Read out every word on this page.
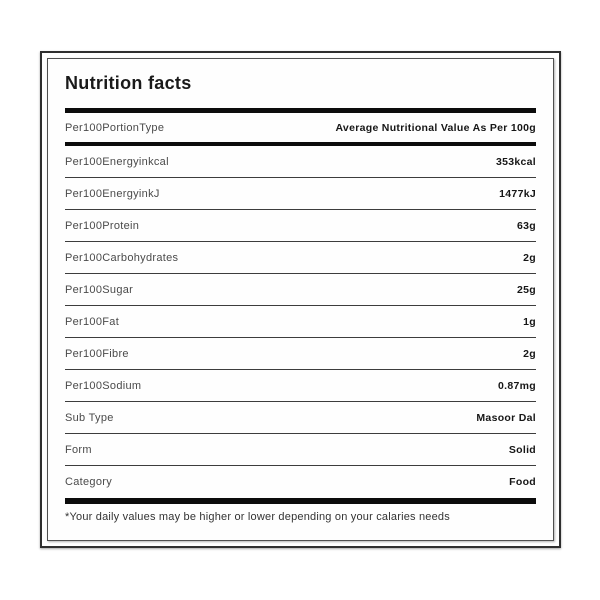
Nutrition facts
Per100PortionType	Average Nutritional Value As Per 100g
Per100Energyinkcal	353kcal
Per100EnergyinkJ	1477kJ
Per100Protein	63g
Per100Carbohydrates	2g
Per100Sugar	25g
Per100Fat	1g
Per100Fibre	2g
Per100Sodium	0.87mg
Sub Type	Masoor Dal
Form	Solid
Category	Food

*Your daily values may be higher or lower depending on your calaries needs
